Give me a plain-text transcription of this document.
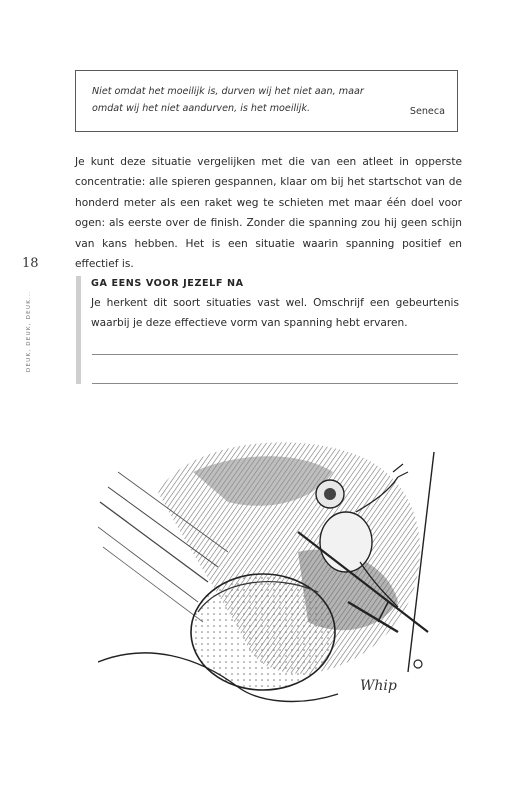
Niet omdat het moeilijk is, durven wij het niet aan, maar omdat wij het niet aandurven, is het moeilijk.	Seneca

Je kunt deze situatie vergelijken met die van een atleet in opperste concentratie: alle spieren gespannen, klaar om bij het startschot van de honderd meter als een raket weg te schieten met maar één doel voor ogen: als eerste over de finish. Zonder die spanning zou hij geen schijn van kans hebben. Het is een situatie waarin spanning positief en effectief is.

18
DEUK, DEUK, DEUK...
GA EENS VOOR JEZELF NA
Je herkent dit soort situaties vast wel. Omschrijf een gebeurtenis waarbij je deze effectieve vorm van spanning hebt ervaren.
Whip
